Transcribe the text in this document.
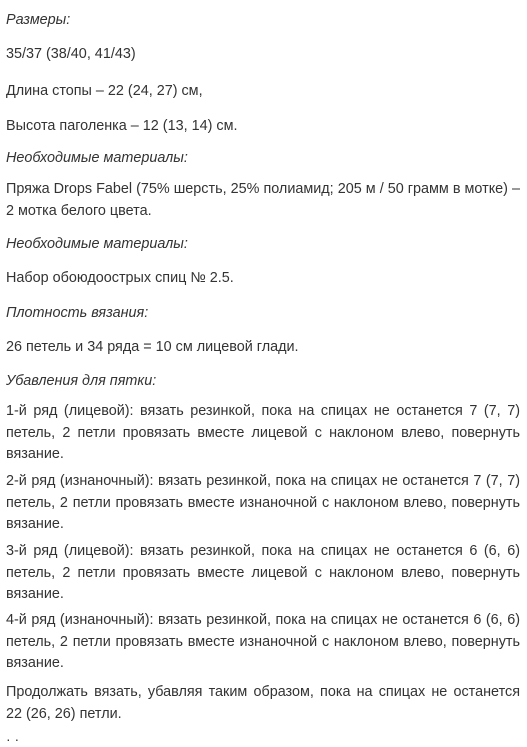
Размеры:
35/37 (38/40, 41/43)
Длина стопы – 22 (24, 27) см,
Высота паголенка – 12 (13, 14) см.
Необходимые материалы:
Пряжа Drops Fabel (75% шерсть, 25% полиамид; 205 м / 50 грамм в мотке) – 2 мотка белого цвета.
Необходимые материалы:
Набор обоюдоострых спиц № 2.5.
Плотность вязания:
26 петель и 34 ряда = 10 см лицевой глади.
Убавления для пятки:
1-й ряд (лицевой): вязать резинкой, пока на спицах не останется 7 (7, 7) петель, 2 петли провязать вместе лицевой с наклоном влево, повернуть вязание.
2-й ряд (изнаночный): вязать резинкой, пока на спицах не останется 7 (7, 7) петель, 2 петли провязать вместе изнаночной с наклоном влево, повернуть вязание.
3-й ряд (лицевой): вязать резинкой, пока на спицах не останется 6 (6, 6) петель, 2 петли провязать вместе лицевой с наклоном влево, повернуть вязание.
4-й ряд (изнаночный): вязать резинкой, пока на спицах не останется 6 (6, 6) петель, 2 петли провязать вместе изнаночной с наклоном влево, повернуть вязание.
Продолжать вязать, убавляя таким образом, пока на спицах не останется 22 (26, 26) петли.
· ·
